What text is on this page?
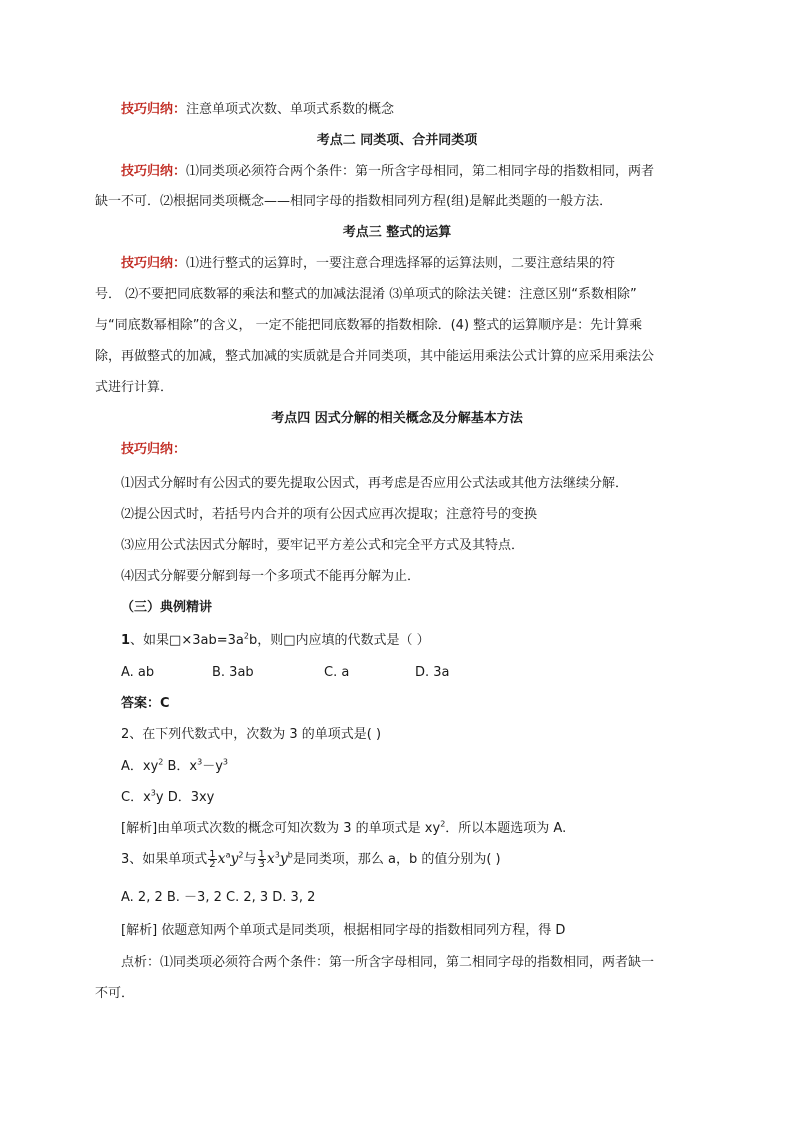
技巧归纳：注意单项式次数、单项式系数的概念
考点二 同类项、合并同类项
技巧归纳：⑴同类项必须符合两个条件：第一所含字母相同，第二相同字母的指数相同，两者
缺一不可．⑵根据同类项概念——相同字母的指数相同列方程(组)是解此类题的一般方法．
考点三 整式的运算
技巧归纳：⑴进行整式的运算时，一要注意合理选择幂的运算法则，二要注意结果的符
号． ⑵不要把同底数幂的乘法和整式的加减法混淆 ⑶单项式的除法关键：注意区别“系数相除”
与“同底数幂相除”的含义， 一定不能把同底数幂的指数相除．(4) 整式的运算顺序是：先计算乘
除，再做整式的加减，整式加减的实质就是合并同类项，其中能运用乘法公式计算的应采用乘法公
式进行计算．
考点四 因式分解的相关概念及分解基本方法
技巧归纳：
⑴因式分解时有公因式的要先提取公因式，再考虑是否应用公式法或其他方法继续分解．
⑵提公因式时，若括号内合并的项有公因式应再次提取；注意符号的变换
⑶应用公式法因式分解时，要牢记平方差公式和完全平方式及其特点．
⑷因式分解要分解到每一个多项式不能再分解为止．
（三）典例精讲
1、如果$□\times 3ab=3a^2b$，则□内应填的代数式是（ ）
A. ab	B. 3ab	C. a	D. 3a
答案：C
2、在下列代数式中，次数为 3 的单项式是( )
A．$xy^2$ B．$x^3-y^3$
C．$x^3y$ D．3xy
[解析]由单项式次数的概念可知次数为 3 的单项式是 $xy^2$．所以本题选项为 A.
3、如果单项式 $\frac{1}{2} x^ay^2$与 $\frac{1}{3} x^3y^b$是同类项，那么 a，b 的值分别为( )
A. 2, 2 B. －3, 2 C. 2, 3 D. 3, 2
[解析] 依题意知两个单项式是同类项，根据相同字母的指数相同列方程，得 D
点析：⑴同类项必须符合两个条件：第一所含字母相同，第二相同字母的指数相同，两者缺一
不可．
